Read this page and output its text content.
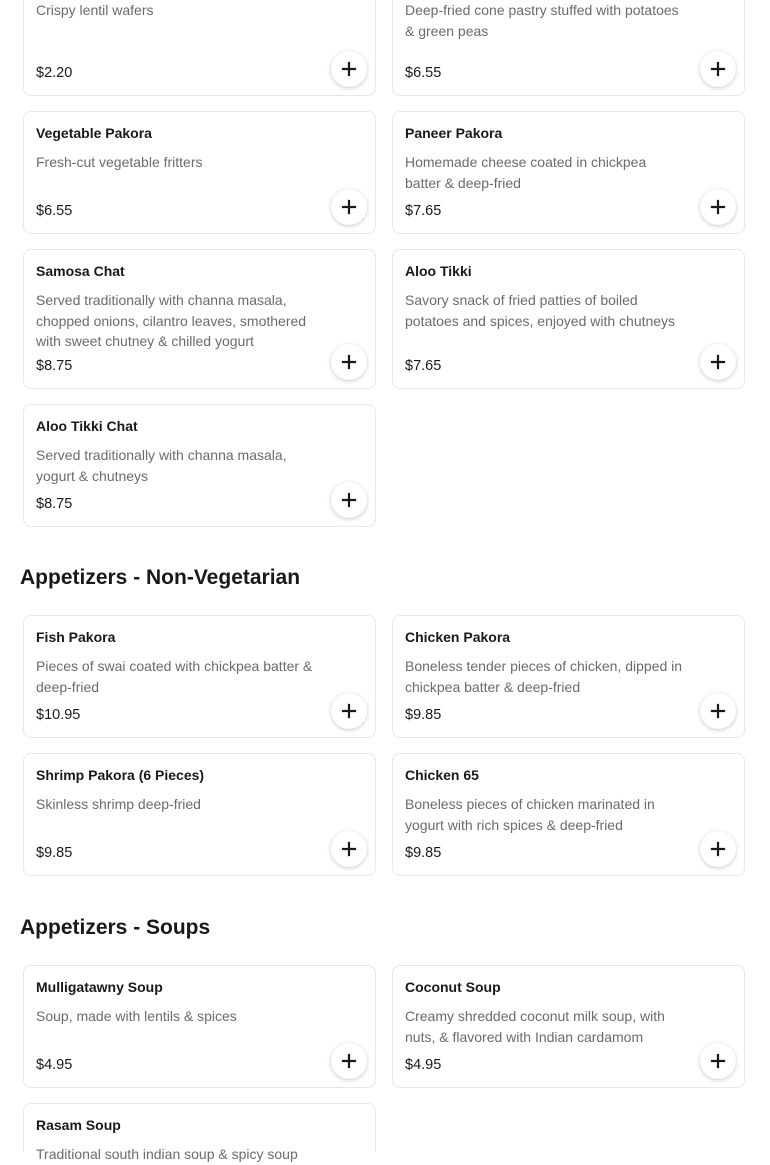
Crispy lentil wafers
$2.20
Deep-fried cone pastry stuffed with potatoes & green peas
$6.55
Vegetable Pakora
Fresh-cut vegetable fritters
$6.55
Paneer Pakora
Homemade cheese coated in chickpea batter & deep-fried
$7.65
Samosa Chat
Served traditionally with channa masala, chopped onions, cilantro leaves, smothered with sweet chutney & chilled yogurt
$8.75
Aloo Tikki
Savory snack of fried patties of boiled potatoes and spices, enjoyed with chutneys
$7.65
Aloo Tikki Chat
Served traditionally with channa masala, yogurt & chutneys
$8.75
Appetizers - Non-Vegetarian
Fish Pakora
Pieces of swai coated with chickpea batter & deep-fried
$10.95
Chicken Pakora
Boneless tender pieces of chicken, dipped in chickpea batter & deep-fried
$9.85
Shrimp Pakora (6 Pieces)
Skinless shrimp deep-fried
$9.85
Chicken 65
Boneless pieces of chicken marinated in yogurt with rich spices & deep-fried
$9.85
Appetizers - Soups
Mulligatawny Soup
Soup, made with lentils & spices
$4.95
Coconut Soup
Creamy shredded coconut milk soup, with nuts, & flavored with Indian cardamom
$4.95
Rasam Soup
Traditional south indian soup & spicy soup
